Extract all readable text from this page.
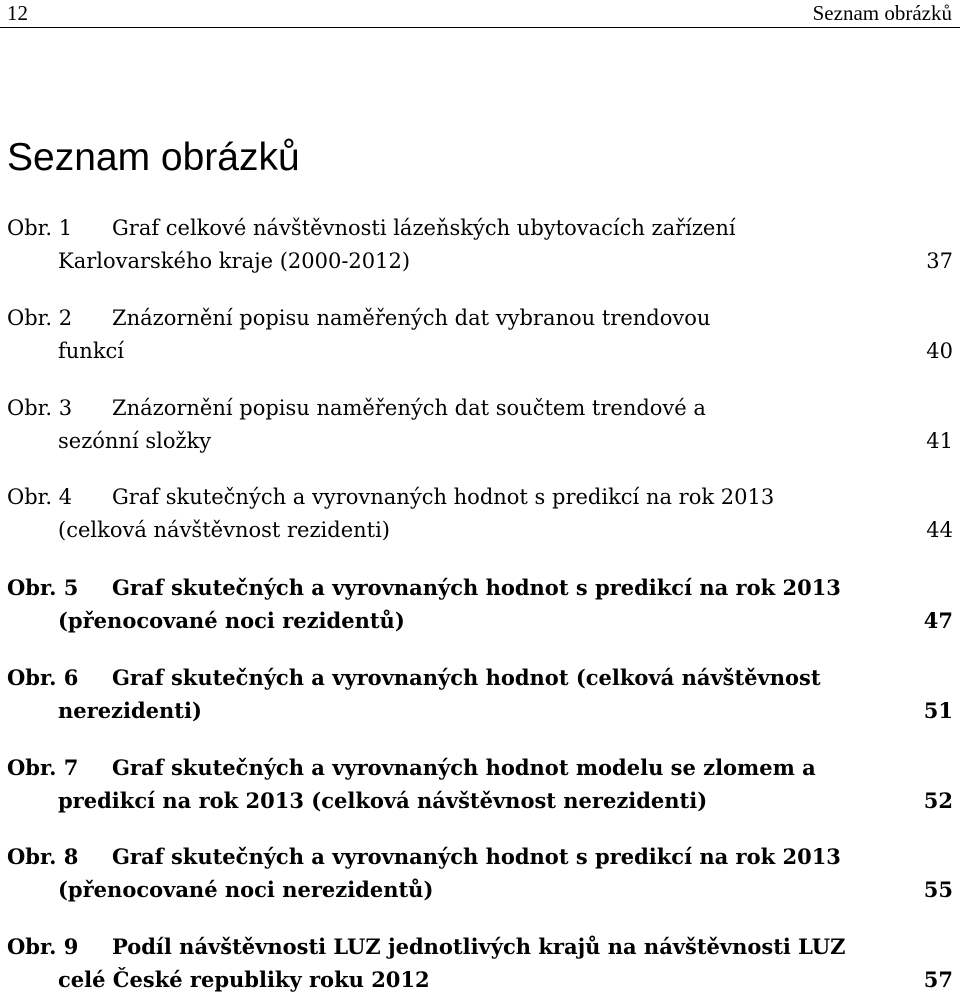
12	Seznam obrázků
Seznam obrázků
Obr. 1 Graf celkové návštěvnosti lázeňských ubytovacích zařízení
Karlovarského kraje (2000-2012)	37
Obr. 2 Znázornění popisu naměřených dat vybranou trendovou
funkcí	40
Obr. 3 Znázornění popisu naměřených dat součtem trendové a
sezónní složky	41
Obr. 4 Graf skutečných a vyrovnaných hodnot s predikcí na rok 2013
(celková návštěvnost rezidenti)	44
Obr. 5 Graf skutečných a vyrovnaných hodnot s predikcí na rok 2013
(přenocované noci rezidentů)	47
Obr. 6 Graf skutečných a vyrovnaných hodnot (celková návštěvnost
nerezidenti)	51
Obr. 7 Graf skutečných a vyrovnaných hodnot modelu se zlomem a
predikcí na rok 2013 (celková návštěvnost nerezidenti)	52
Obr. 8 Graf skutečných a vyrovnaných hodnot s predikcí na rok 2013
(přenocované noci nerezidentů)	55
Obr. 9 Podíl návštěvnosti LUZ jednotlivých krajů na návštěvnosti LUZ
celé České republiky roku 2012	57
